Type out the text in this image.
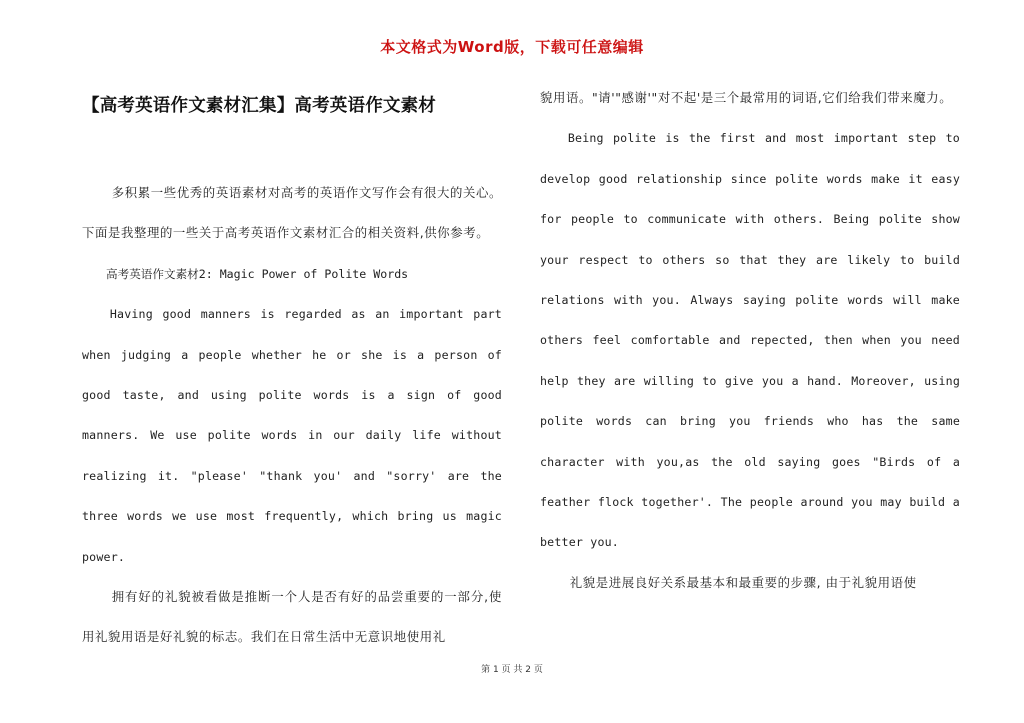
本文格式为Word版，下载可任意编辑
【高考英语作文素材汇集】高考英语作文素材

多积累一些优秀的英语素材对高考的英语作文写作会有很大的关心。下面是我整理的一些关于高考英语作文素材汇合的相关资料,供你参考。

高考英语作文素材2: Magic Power of Polite Words

Having good manners is regarded as an important part when judging a people whether he or she is a person of good taste, and using polite words is a sign of good manners. We use polite words in our daily life without realizing it. "please' "thank you' and "sorry' are the three words we use most frequently, which bring us magic power.

拥有好的礼貌被看做是推断一个人是否有好的品尝重要的一部分,使用礼貌用语是好礼貌的标志。我们在日常生活中无意识地使用礼

貌用语。"请'"感谢'"对不起'是三个最常用的词语,它们给我们带来魔力。

Being polite is the first and most important step to develop good relationship since polite words make it easy for people to communicate with others. Being polite show your respect to others so that they are likely to build relations with you. Always saying polite words will make others feel comfortable and repected, then when you need help they are willing to give you a hand. Moreover, using polite words can bring you friends who has the same character with you,as the old saying goes "Birds of a feather flock together'. The people around you may build a better you.

礼貌是进展良好关系最基本和最重要的步骤, 由于礼貌用语使

第 1 页 共 2 页
